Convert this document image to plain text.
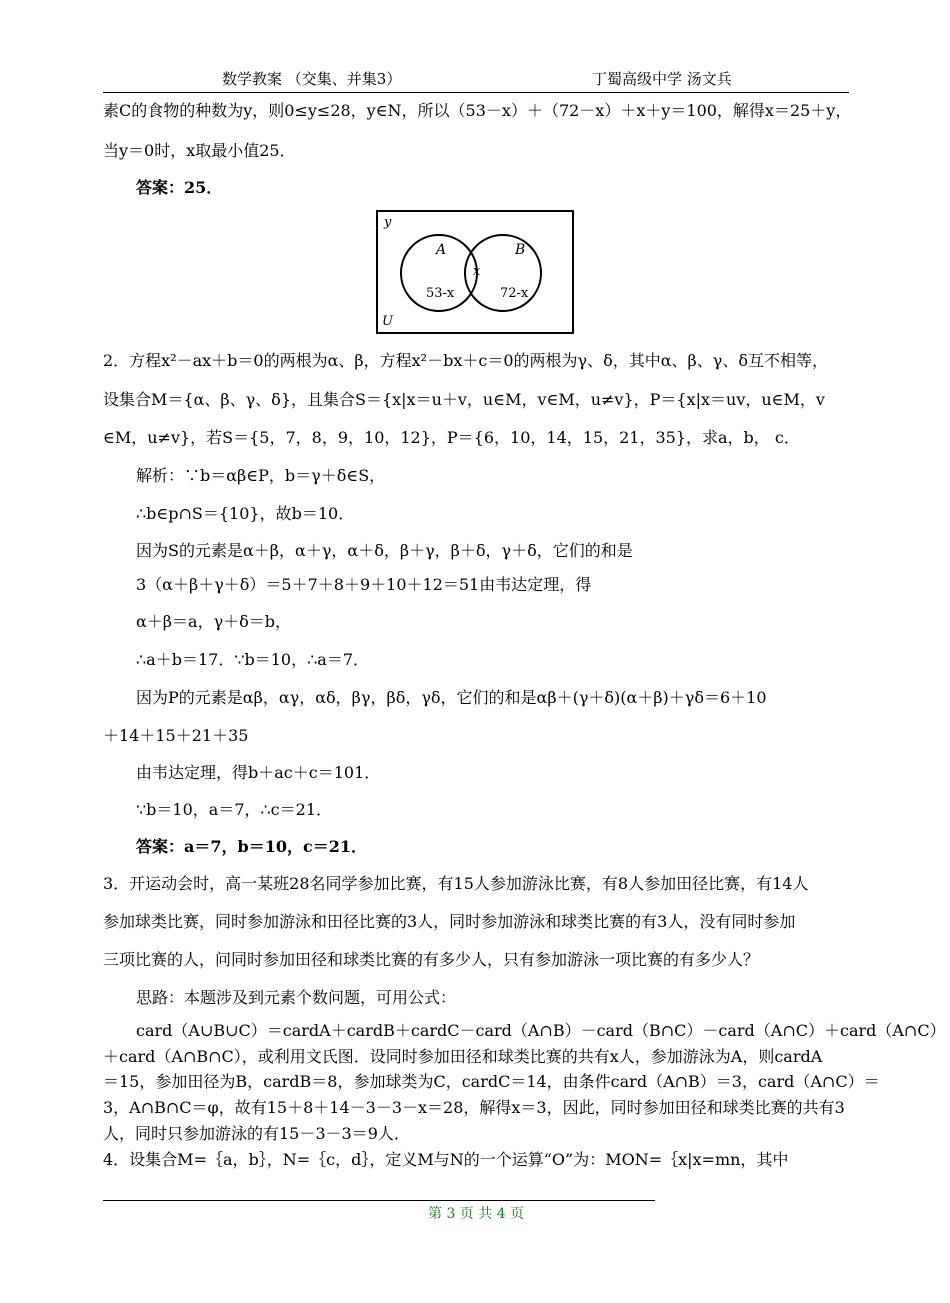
数学教案 （交集、并集3）	丁蜀高级中学 汤文兵
素C的食物的种数为y，则0≤y≤28，y∈N，所以（53－x）＋（72－x）＋x＋y＝100，解得x＝25＋y，
当y＝0时，x取最小值25．
答案：25．
y
U
A	B
x
53-x	72-x
2．方程x²－ax＋b＝0的两根为α、β，方程x²－bx＋c＝0的两根为γ、δ，其中α、β、γ、δ互不相等，
设集合M＝{α、β、γ、δ}，且集合S＝{x|x＝u＋v，u∈M，v∈M，u≠v}，P＝{x|x＝uv，u∈M，v
∈M，u≠v}，若S＝{5，7，8，9，10，12}，P＝{6，10，14，15，21，35}，求a，b， c．
解析：∵b＝αβ∈P，b＝γ＋δ∈S，
∴b∈p∩S＝{10}，故b＝10．
因为S的元素是α＋β，α＋γ，α＋δ，β＋γ，β＋δ，γ＋δ，它们的和是
3（α＋β＋γ＋δ）＝5＋7＋8＋9＋10＋12＝51由韦达定理，得
α＋β＝a，γ＋δ＝b，
∴a＋b＝17．∵b＝10，∴a＝7．
因为P的元素是αβ，αγ，αδ，βγ，βδ，γδ，它们的和是αβ＋(γ＋δ)(α＋β)＋γδ＝6＋10
＋14＋15＋21＋35
由韦达定理，得b＋ac＋c＝101．
∵b＝10，a＝7，∴c＝21．
答案：a＝7，b＝10，c＝21．
3．开运动会时，高一某班28名同学参加比赛，有15人参加游泳比赛，有8人参加田径比赛，有14人
参加球类比赛，同时参加游泳和田径比赛的3人，同时参加游泳和球类比赛的有3人，没有同时参加
三项比赛的人，问同时参加田径和球类比赛的有多少人，只有参加游泳一项比赛的有多少人？
思路：本题涉及到元素个数问题，可用公式：
card（A∪B∪C）＝cardA＋cardB＋cardC－card（A∩B）－card（B∩C）－card（A∩C）＋card（A∩C）
＋card（A∩B∩C），或利用文氏图．设同时参加田径和球类比赛的共有x人，参加游泳为A，则cardA
＝15，参加田径为B，cardB＝8，参加球类为C，cardC＝14，由条件card（A∩B）＝3，card（A∩C）＝
3，A∩B∩C＝φ，故有15＋8＋14－3－3－x＝28，解得x＝3，因此，同时参加田径和球类比赛的共有3
人，同时只参加游泳的有15－3－3＝9人．
4．设集合M=｛a，b｝，N=｛c，d｝，定义M与N的一个运算“O”为：MON=｛x|x=mn，其中
第 3 页 共 4 页
